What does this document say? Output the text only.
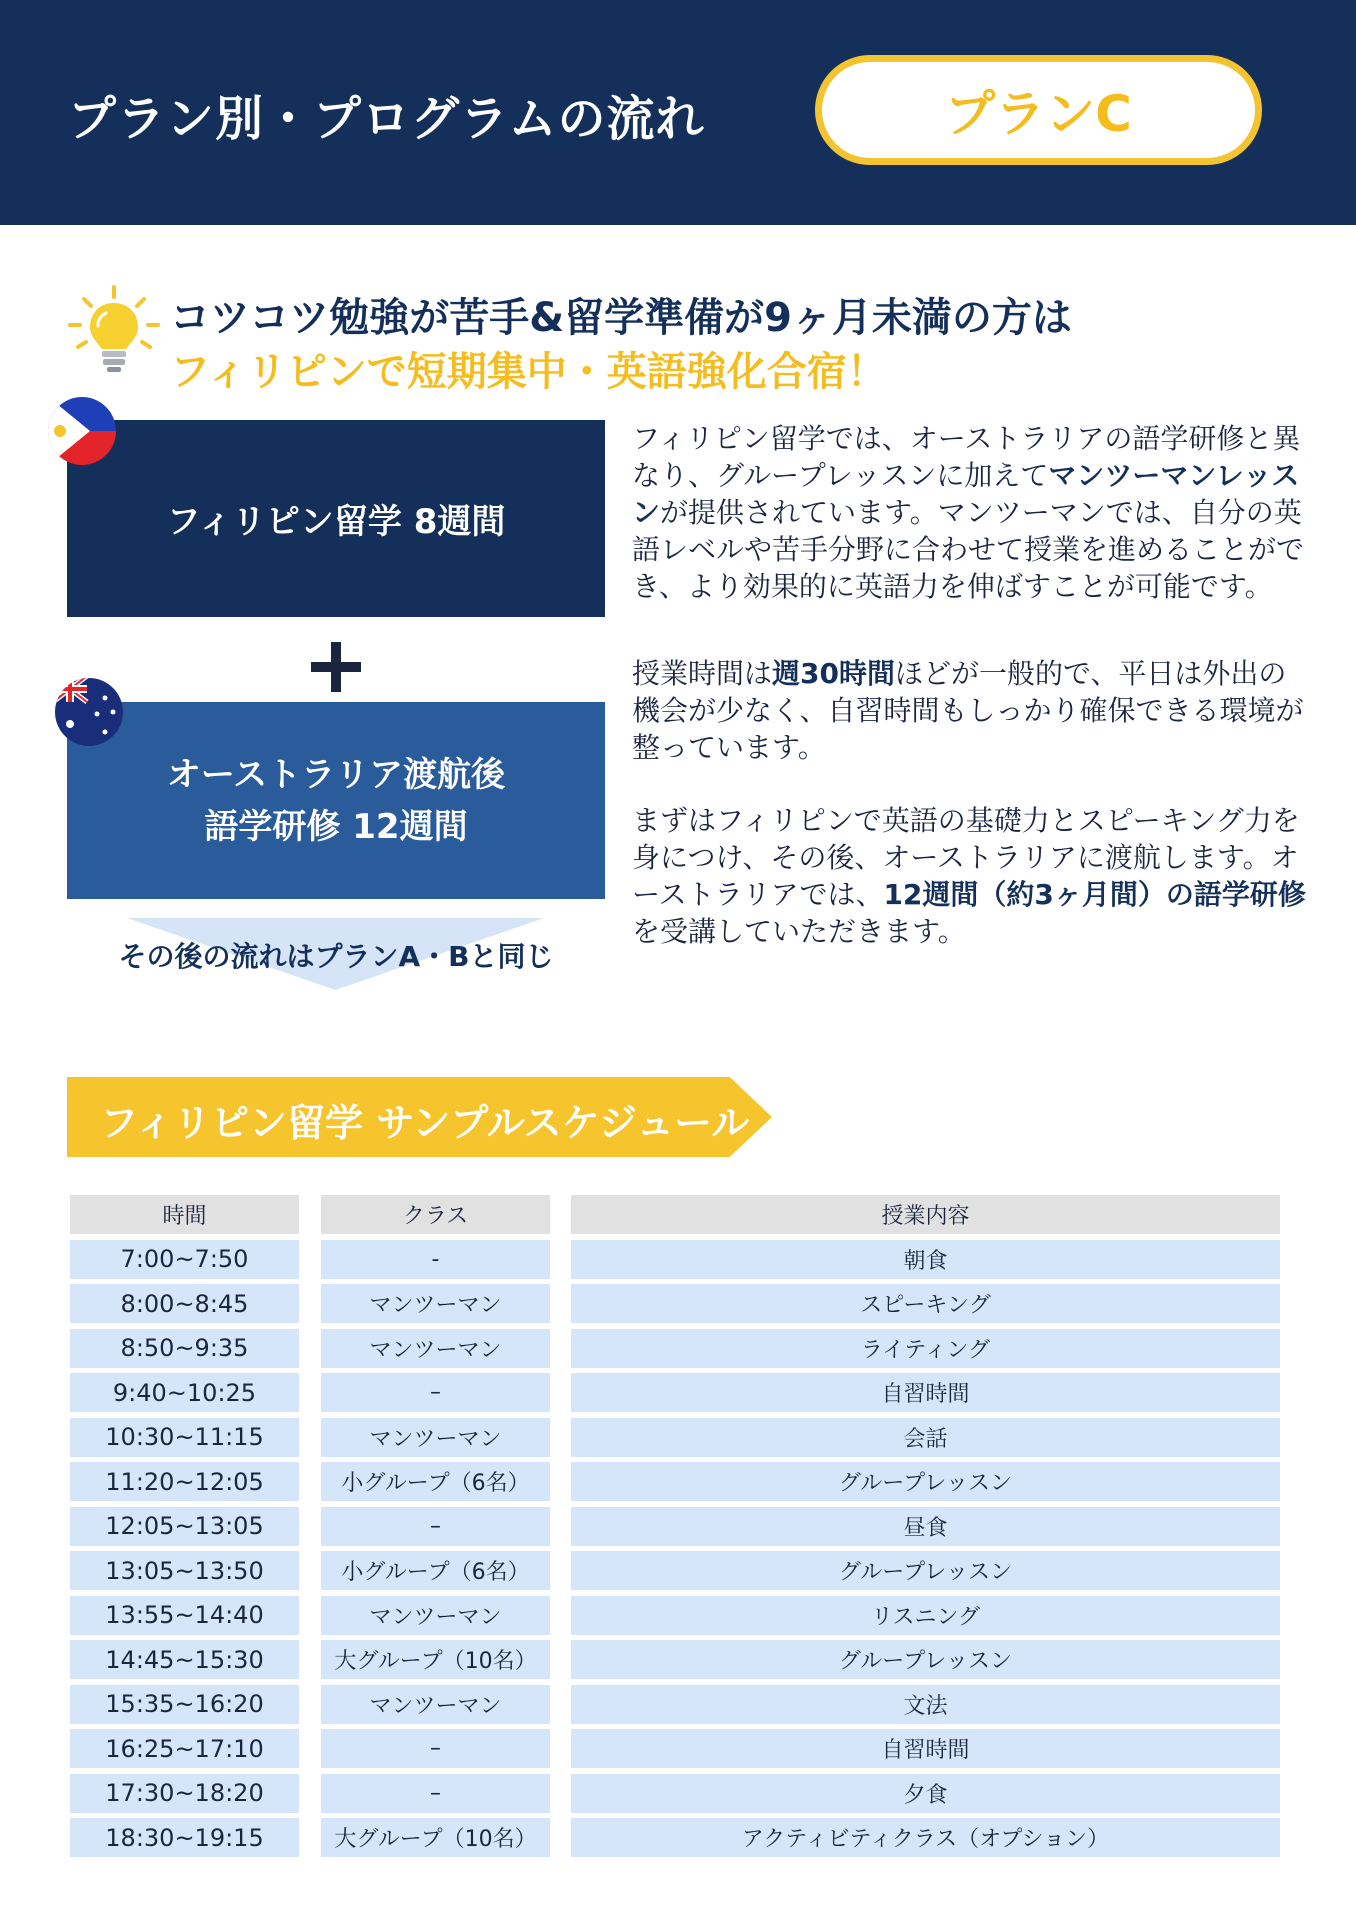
プラン別・プログラムの流れ	プランC
コツコツ勉強が苦手&留学準備が9ヶ月未満の方は
フィリピンで短期集中・英語強化合宿！
フィリピン留学 8週間
オーストラリア渡航後
語学研修 12週間
その後の流れはプランA・Bと同じ
フィリピン留学では、オーストラリアの語学研修と異なり、グループレッスンに加えてマンツーマンレッスンが提供されています。マンツーマンでは、自分の英語レベルや苦手分野に合わせて授業を進めることができ、より効果的に英語力を伸ばすことが可能です。
授業時間は週30時間ほどが一般的で、平日は外出の機会が少なく、自習時間もしっかり確保できる環境が整っています。
まずはフィリピンで英語の基礎力とスピーキング力を身につけ、その後、オーストラリアに渡航します。オーストラリアでは、12週間（約3ヶ月間）の語学研修を受講していただきます。
フィリピン留学 サンプルスケジュール
時間	クラス	授業内容
7:00~7:50	-	朝食
8:00~8:45	マンツーマン	スピーキング
8:50~9:35	マンツーマン	ライティング
9:40~10:25	–	自習時間
10:30~11:15	マンツーマン	会話
11:20~12:05	小グループ（6名）	グループレッスン
12:05~13:05	–	昼食
13:05~13:50	小グループ（6名）	グループレッスン
13:55~14:40	マンツーマン	リスニング
14:45~15:30	大グループ（10名）	グループレッスン
15:35~16:20	マンツーマン	文法
16:25~17:10	–	自習時間
17:30~18:20	–	夕食
18:30~19:15	大グループ（10名）	アクティビティクラス（オプション）
